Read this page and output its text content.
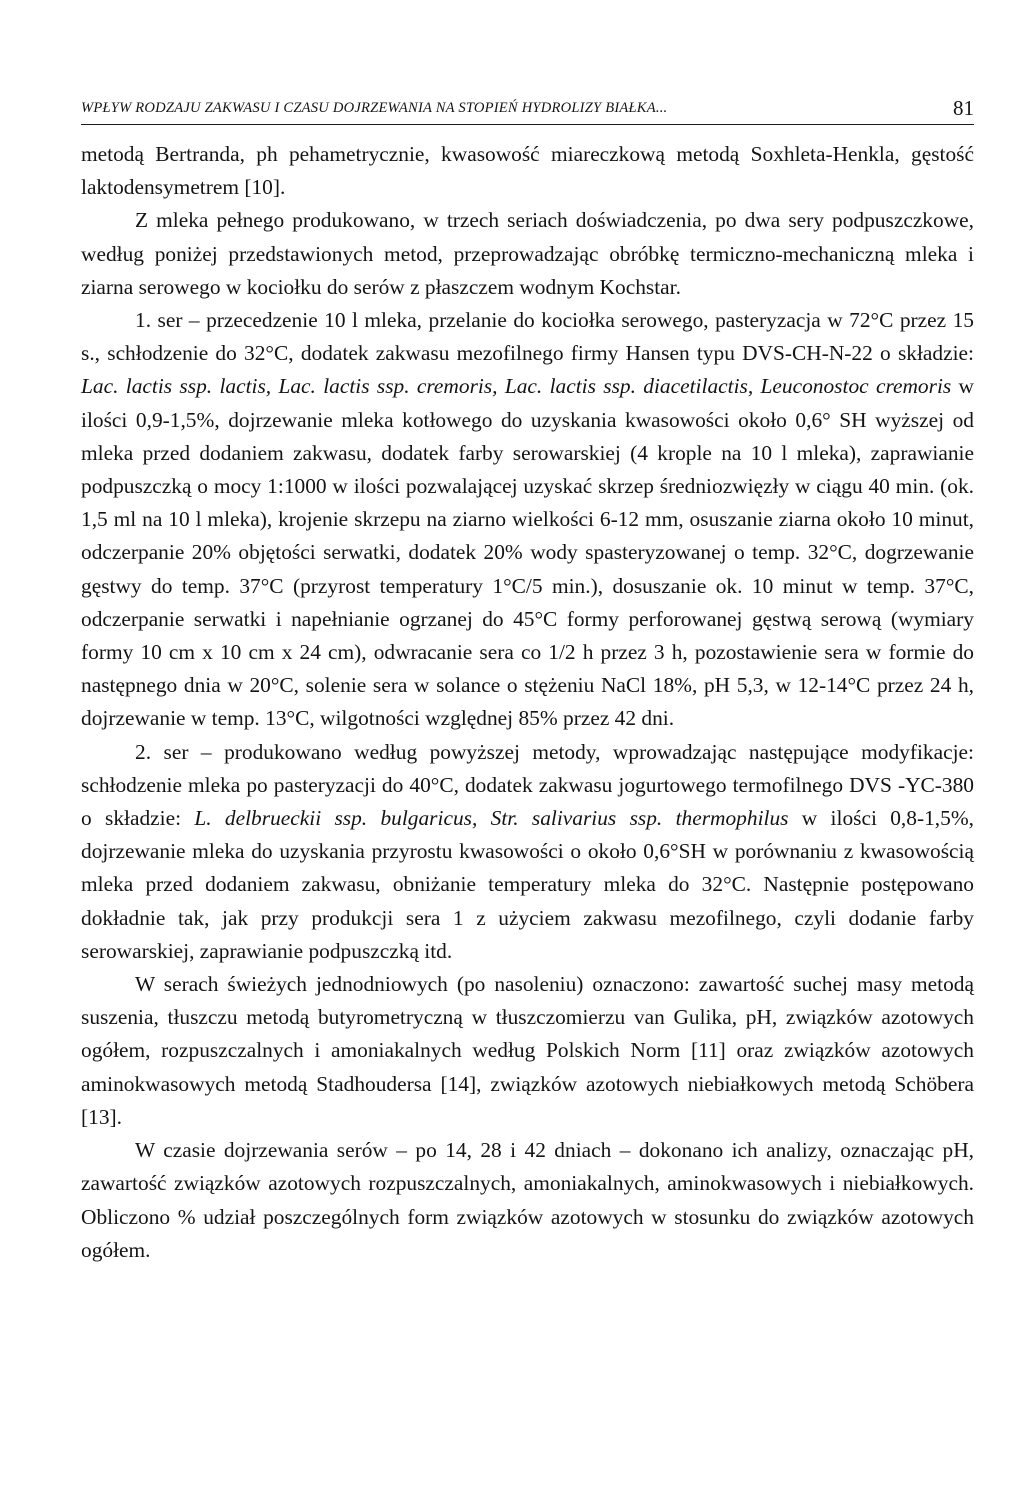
WPŁYW RODZAJU ZAKWASU I CZASU DOJRZEWANIA NA STOPIEŃ HYDROLIZY BIAŁKA...	81

metodą Bertranda, ph pehametrycznie, kwasowość miareczkową metodą Soxhleta-Henkla, gęstość laktodensymetrem [10].

Z mleka pełnego produkowano, w trzech seriach doświadczenia, po dwa sery podpuszczkowe, według poniżej przedstawionych metod, przeprowadzając obróbkę termiczno-mechaniczną mleka i ziarna serowego w kociołku do serów z płaszczem wodnym Kochstar.

1. ser – przecedzenie 10 l mleka, przelanie do kociołka serowego, pasteryzacja w 72°C przez 15 s., schłodzenie do 32°C, dodatek zakwasu mezofilnego firmy Hansen typu DVS-CH-N-22 o składzie: Lac. lactis ssp. lactis, Lac. lactis ssp. cremoris, Lac. lactis ssp. diacetilactis, Leuconostoc cremoris w ilości 0,9-1,5%, dojrzewanie mleka kotłowego do uzyskania kwasowości około 0,6° SH wyższej od mleka przed dodaniem zakwasu, dodatek farby serowarskiej (4 krople na 10 l mleka), zaprawianie podpuszczką o mocy 1:1000 w ilości pozwalającej uzyskać skrzep średniozwięzły w ciągu 40 min. (ok. 1,5 ml na 10 l mleka), krojenie skrzepu na ziarno wielkości 6-12 mm, osuszanie ziarna około 10 minut, odczerpanie 20% objętości serwatki, dodatek 20% wody spasteryzowanej o temp. 32°C, dogrzewanie gęstwy do temp. 37°C (przyrost temperatury 1°C/5 min.), dosuszanie ok. 10 minut w temp. 37°C, odczerpanie serwatki i napełnianie ogrzanej do 45°C formy perforowanej gęstwą serową (wymiary formy 10 cm x 10 cm x 24 cm), odwracanie sera co 1/2 h przez 3 h, pozostawienie sera w formie do następnego dnia w 20°C, solenie sera w solance o stężeniu NaCl 18%, pH 5,3, w 12-14°C przez 24 h, dojrzewanie w temp. 13°C, wilgotności względnej 85% przez 42 dni.

2. ser – produkowano według powyższej metody, wprowadzając następujące modyfikacje: schłodzenie mleka po pasteryzacji do 40°C, dodatek zakwasu jogurtowego termofilnego DVS -YC-380 o składzie: L. delbrueckii ssp. bulgaricus, Str. salivarius ssp. thermophilus w ilości 0,8-1,5%, dojrzewanie mleka do uzyskania przyrostu kwasowości o około 0,6°SH w porównaniu z kwasowością mleka przed dodaniem zakwasu, obniżanie temperatury mleka do 32°C. Następnie postępowano dokładnie tak, jak przy produkcji sera 1 z użyciem zakwasu mezofilnego, czyli dodanie farby serowarskiej, zaprawianie podpuszczką itd.

W serach świeżych jednodniowych (po nasoleniu) oznaczono: zawartość suchej masy metodą suszenia, tłuszczu metodą butyrometryczną w tłuszczomierzu van Gulika, pH, związków azotowych ogółem, rozpuszczalnych i amoniakalnych według Polskich Norm [11] oraz związków azotowych aminokwasowych metodą Stadhoudersa [14], związków azotowych niebiałkowych metodą Schöbera [13].

W czasie dojrzewania serów – po 14, 28 i 42 dniach – dokonano ich analizy, oznaczając pH, zawartość związków azotowych rozpuszczalnych, amoniakalnych, aminokwasowych i niebiałkowych. Obliczono % udział poszczególnych form związków azotowych w stosunku do związków azotowych ogółem.
